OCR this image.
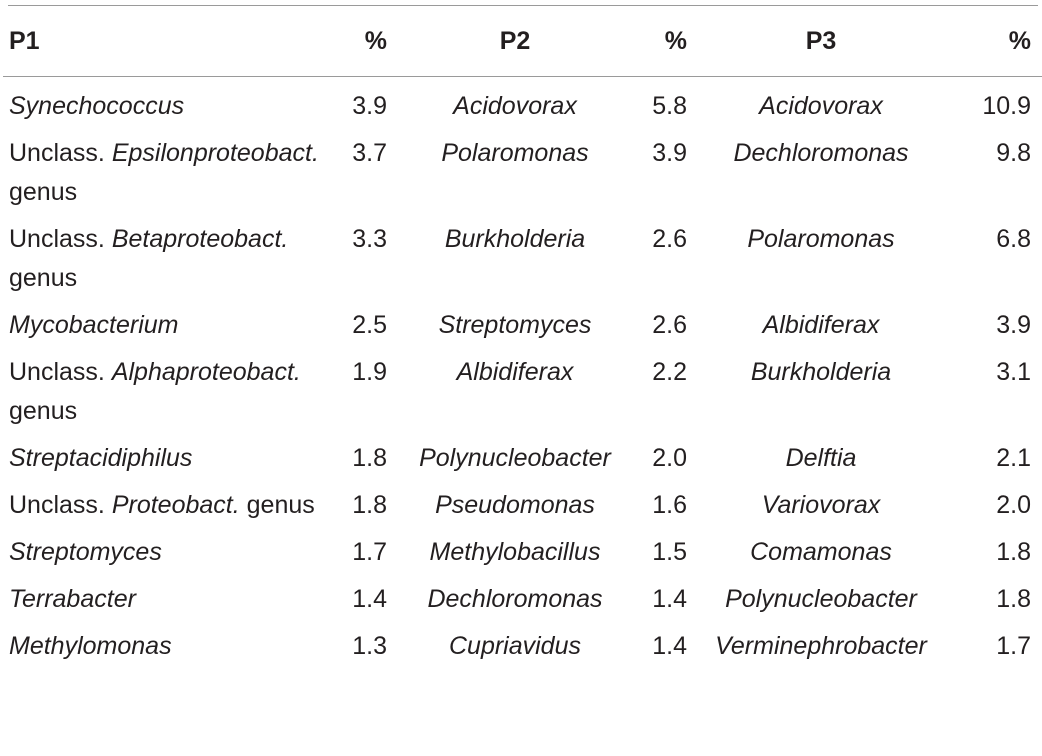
P1	%	P2	%	P3	%
Synechococcus	3.9	Acidovorax	5.8	Acidovorax	10.9
Unclass. Epsilonproteobact. genus	3.7	Polaromonas	3.9	Dechloromonas	9.8
Unclass. Betaproteobact. genus	3.3	Burkholderia	2.6	Polaromonas	6.8
Mycobacterium	2.5	Streptomyces	2.6	Albidiferax	3.9
Unclass. Alphaproteobact. genus	1.9	Albidiferax	2.2	Burkholderia	3.1
Streptacidiphilus	1.8	Polynucleobacter	2.0	Delftia	2.1
Unclass. Proteobact. genus	1.8	Pseudomonas	1.6	Variovorax	2.0
Streptomyces	1.7	Methylobacillus	1.5	Comamonas	1.8
Terrabacter	1.4	Dechloromonas	1.4	Polynucleobacter	1.8
Methylomonas	1.3	Cupriavidus	1.4	Verminephrobacter	1.7
